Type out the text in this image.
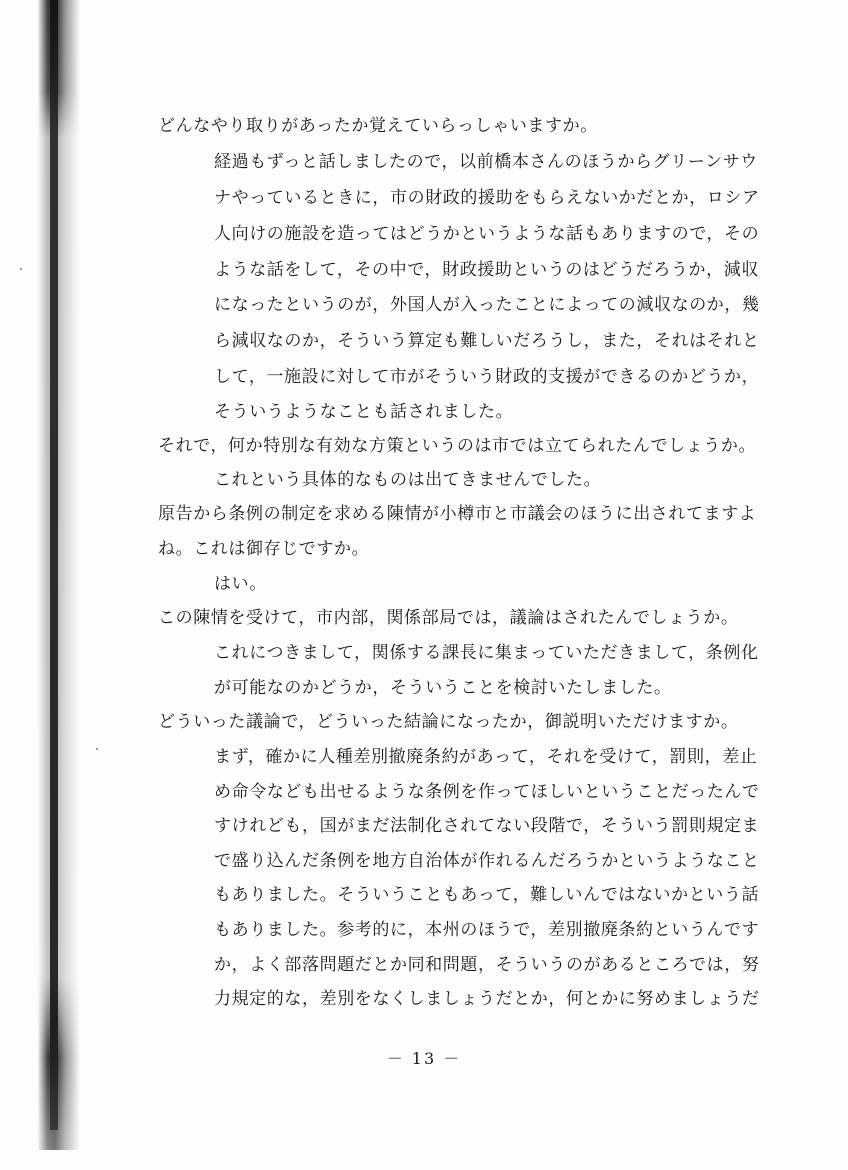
どんなやり取りがあったか覚えていらっしゃいますか。
経過もずっと話しましたので，以前橋本さんのほうからグリーンサウ
ナやっているときに，市の財政的援助をもらえないかだとか，ロシア
人向けの施設を造ってはどうかというような話もありますので，その
ような話をして，その中で，財政援助というのはどうだろうか，減収
になったというのが，外国人が入ったことによっての減収なのか，幾
ら減収なのか，そういう算定も難しいだろうし，また，それはそれと
して，一施設に対して市がそういう財政的支援ができるのかどうか，
そういうようなことも話されました。
それで，何か特別な有効な方策というのは市では立てられたんでしょうか。
これという具体的なものは出てきませんでした。
原告から条例の制定を求める陳情が小樽市と市議会のほうに出されてますよ
ね。これは御存じですか。
はい。
この陳情を受けて，市内部，関係部局では，議論はされたんでしょうか。
これにつきまして，関係する課長に集まっていただきまして，条例化
が可能なのかどうか，そういうことを検討いたしました。
どういった議論で，どういった結論になったか，御説明いただけますか。
まず，確かに人種差別撤廃条約があって，それを受けて，罰則，差止
め命令なども出せるような条例を作ってほしいということだったんで
すけれども，国がまだ法制化されてない段階で，そういう罰則規定ま
で盛り込んだ条例を地方自治体が作れるんだろうかというようなこと
もありました。そういうこともあって，難しいんではないかという話
もありました。参考的に，本州のほうで，差別撤廃条約というんです
か，よく部落問題だとか同和問題，そういうのがあるところでは，努
力規定的な，差別をなくしましょうだとか，何とかに努めましょうだ
－ 13 －
